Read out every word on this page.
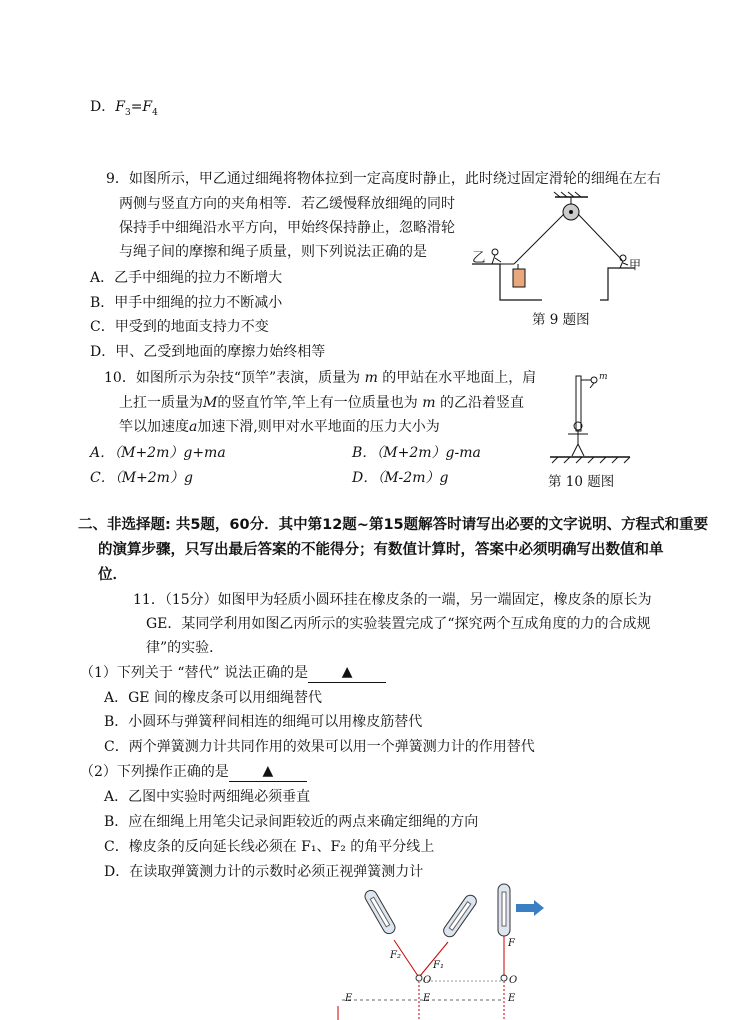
D．$F_3=F_4$
9．如图所示，甲乙通过细绳将物体拉到一定高度时静止，此时绕过固定滑轮的细绳在左右
两侧与竖直方向的夹角相等．若乙缓慢释放细绳的同时
保持手中细绳沿水平方向，甲始终保持静止，忽略滑轮
与绳子间的摩擦和绳子质量，则下列说法正确的是
A．乙手中细绳的拉力不断增大
B．甲手中细绳的拉力不断减小
C．甲受到的地面支持力不变
D．甲、乙受到地面的摩擦力始终相等
乙	甲
第 9 题图
10．如图所示为杂技“顶竿”表演，质量为 m 的甲站在水平地面上，肩
上扛一质量为M的竖直竹竿,竿上有一位质量也为 m 的乙沿着竖直
竿以加速度a加速下滑,则甲对水平地面的压力大小为
A．（M+2m）g+ma	B．（M+2m）g-ma
C．（M+2m）g	D．（M-2m）g
m
第 10 题图
二、非选择题: 共5题，60分．其中第12题~第15题解答时请写出必要的文字说明、方程式和重要
的演算步骤，只写出最后答案的不能得分；有数值计算时，答案中必须明确写出数值和单
位．
11．（15分）如图甲为轻质小圆环挂在橡皮条的一端，另一端固定，橡皮条的原长为
GE．某同学利用如图乙丙所示的实验装置完成了“探究两个互成角度的力的合成规
律”的实验．
（1）下列关于 “替代” 说法正确的是 ▲
A．GE 间的橡皮条可以用细绳替代
B．小圆环与弹簧秤间相连的细绳可以用橡皮筋替代
C．两个弹簧测力计共同作用的效果可以用一个弹簧测力计的作用替代
（2）下列操作正确的是 ▲
A．乙图中实验时两细绳必须垂直
B．应在细绳上用笔尖记录间距较近的两点来确定细绳的方向
C．橡皮条的反向延长线必须在 F₁、F₂ 的角平分线上
D．在读取弹簧测力计的示数时必须正视弹簧测力计
F₂
F₁
F
O	O
E	E	E
